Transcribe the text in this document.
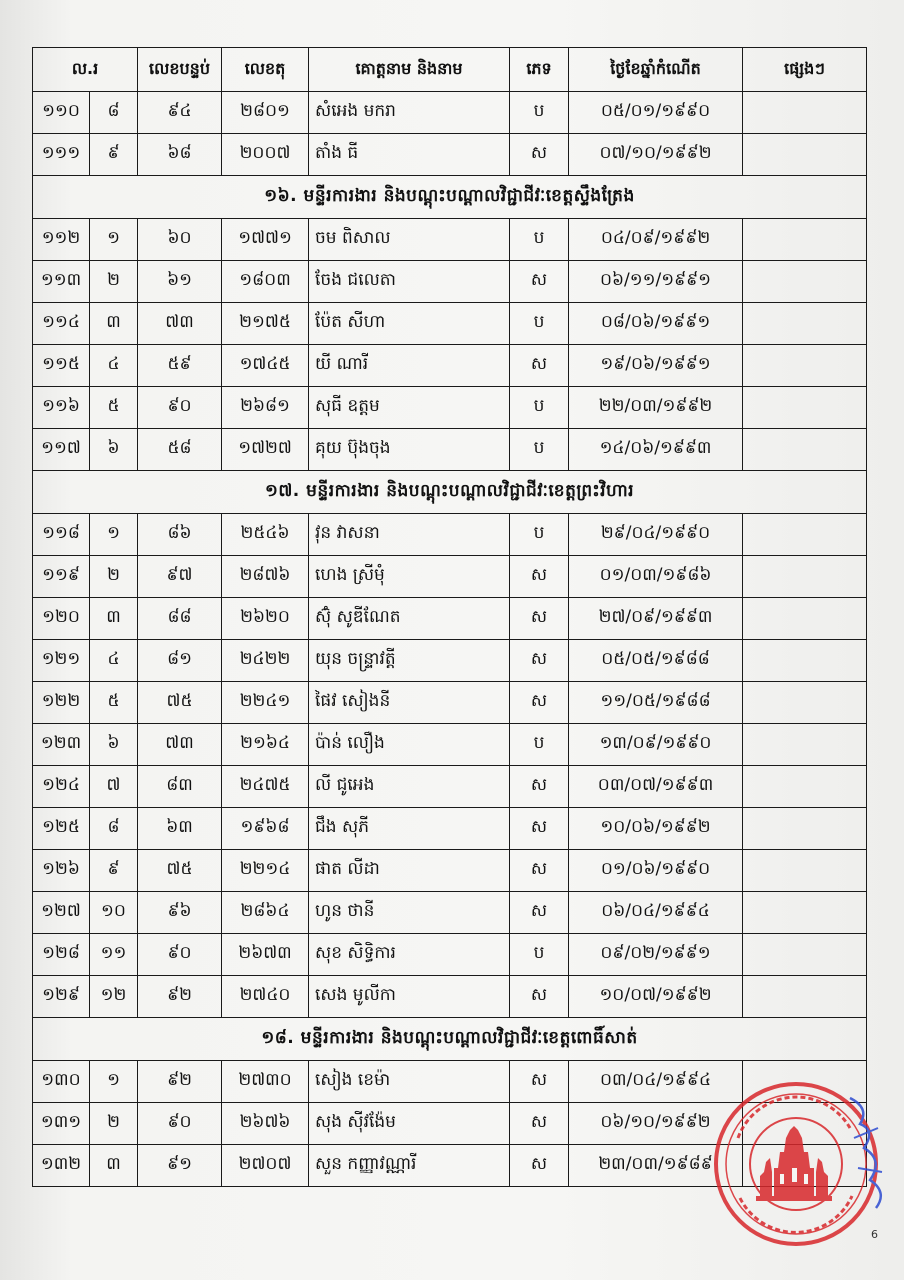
ល.រ		លេខបន្ទប់	លេខតុ	គោត្តនាម និងនាម	ភេទ	ថ្ងៃខែឆ្នាំកំណើត	ផ្សេងៗ
១១០	៨	៩៤	២៨០១	សំអេង មករា	ប	០៥/០១/១៩៩០	
១១១	៩	៦៨	២០០៧	តាំង ធី	ស	០៧/១០/១៩៩២	
១៦. មន្ទីរការងារ និងបណ្តុះបណ្តាលវិជ្ជាជីវៈខេត្តស្ទឹងត្រែង							
១១២	១	៦០	១៧៧១	ចម ពិសាល	ប	០៤/០៩/១៩៩២	
១១៣	២	៦១	១៨០៣	ចែង ជលេតា	ស	០៦/១១/១៩៩១	
១១៤	៣	៧៣	២១៧៥	ប៉ែត សីហា	ប	០៨/០៦/១៩៩១	
១១៥	៤	៥៩	១៧៤៥	យី ណារី	ស	១៩/០៦/១៩៩១	
១១៦	៥	៩០	២៦៨១	សុធី ឧត្តម	ប	២២/០៣/១៩៩២	
១១៧	៦	៥៨	១៧២៧	គុយ ប៊ុងចុង	ប	១៤/០៦/១៩៩៣	
១៧. មន្ទីរការងារ និងបណ្តុះបណ្តាលវិជ្ជាជីវៈខេត្តព្រះវិហារ							
១១៨	១	៨៦	២៥៤៦	វុន វាសនា	ប	២៩/០៤/១៩៩០	
១១៩	២	៩៧	២៨៧៦	ហេង ស្រីមុំ	ស	០១/០៣/១៩៨៦	
១២០	៣	៨៨	២៦២០	ស៊ុំ សូឌីណែត	ស	២៧/០៩/១៩៩៣	
១២១	៤	៨១	២៤២២	យុន ចន្ទ្រាវត្តី	ស	០៥/០៥/១៩៨៨	
១២២	៥	៧៥	២២៤១	ផៃវ សៀងនី	ស	១១/០៥/១៩៨៨	
១២៣	៦	៧៣	២១៦៤	ប៉ាន់ លឿង	ប	១៣/០៩/១៩៩០	
១២៤	៧	៨៣	២៤៧៥	លី ជូអេង	ស	០៣/០៧/១៩៩៣	
១២៥	៨	៦៣	១៩៦៨	ជឹង សុភី	ស	១០/០៦/១៩៩២	
១២៦	៩	៧៥	២២១៤	ផាត លីដា	ស	០១/០៦/១៩៩០	
១២៧	១០	៩៦	២៨៦៤	ហូន ថានី	ស	០៦/០៤/១៩៩៤	
១២៨	១១	៩០	២៦៧៣	សុខ សិទ្ធិការ	ប	០៩/០២/១៩៩១	
១២៩	១២	៩២	២៧៤០	សេង មូលីកា	ស	១០/០៧/១៩៩២	
១៨. មន្ទីរការងារ និងបណ្តុះបណ្តាលវិជ្ជាជីវៈខេត្តពោធិ៍សាត់							
១៣០	១	៩២	២៧៣០	សៀង ខេម៉ា	ស	០៣/០៤/១៩៩៤	
១៣១	២	៩០	២៦៧៦	សុង ស៊ីវង៉ែម	ស	០៦/១០/១៩៩២	
១៣២	៣	៩១	២៧០៧	សួន កញ្ញាវណ្ណារី	ស	២៣/០៣/១៩៨៩	
6
